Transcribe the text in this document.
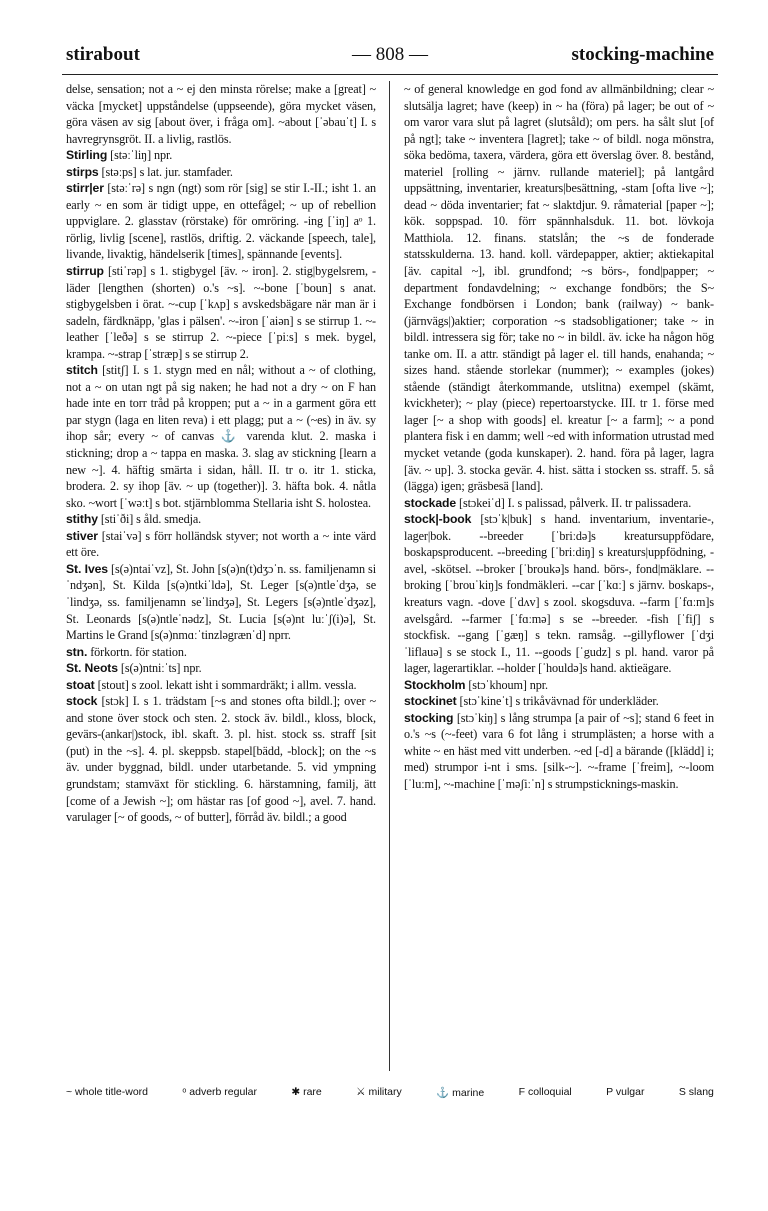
stirabout	— 808 —	stocking-machine

delse, sensation; not a ~ ej den minsta rörelse; make a [great] ~ väcka [mycket] uppståndelse (uppseende), göra mycket väsen, göra väsen av sig [about över, i fråga om]. ~about [ˈəbauˈt] I. s havregrynsgröt. II. a livlig, rastlös.

Stirling [stəːˈliŋ] npr.

stirps [stəːps] s lat. jur. stamfader.

stirr|er [stəːˈrə] s ngn (ngt) som rör [sig] se stir I.-II.; isht 1. an early ~ en som är tidigt uppe, en ottefågel; ~ up of rebellion uppviglare. 2. glasstav (rörstake) för omröring. -ing [ˈiŋ] aᵒ 1. rörlig, livlig [scene], rastlös, driftig. 2. väckande [speech, tale], livande, livaktig, händelserik [times], spännande [events].

stirrup [stiˈrəp] s 1. stigbygel [äv. ~ iron]. 2. stig|bygelsrem, -läder [lengthen (shorten) o.'s ~s]. ~-bone [ˈboun] s anat. stigbygelsben i örat. ~-cup [ˈkʌp] s avskedsbägare när man är i sadeln, färdknäpp, 'glas i pälsen'. ~-iron [ˈaiən] s se stirrup 1. ~-leather [ˈleðə] s se stirrup 2. ~-piece [ˈpiːs] s mek. bygel, krampa. ~-strap [ˈstræp] s se stirrup 2.

stitch [stitʃ] I. s 1. stygn med en nål; without a ~ of clothing, not a ~ on utan ngt på sig naken; he had not a dry ~ on F han hade inte en torr tråd på kroppen; put a ~ in a garment göra ett par stygn (laga en liten reva) i ett plagg; put a ~ (~es) in äv. sy ihop sår; every ~ of canvas ⚓ varenda klut. 2. maska i stickning; drop a ~ tappa en maska. 3. slag av stickning [learn a new ~]. 4. häftig smärta i sidan, håll. II. tr o. itr 1. sticka, brodera. 2. sy ihop [äv. ~ up (together)]. 3. häfta bok. 4. nåtla sko. ~wort [ˈwəːt] s bot. stjärnblomma Stellaria isht S. holostea.

stithy [stiˈði] s åld. smedja.

stiver [staiˈvə] s förr holländsk styver; not worth a ~ inte värd ett öre.

St. Ives [s(ə)ntaiˈvz], St. John [s(ə)n(t)dʒɔˈn. ss. familjenamn siˈndʒən], St. Kilda [s(ə)ntkiˈldə], St. Leger [s(ə)ntleˈdʒə, seˈlindʒə, ss. familjenamn seˈlindʒə], St. Legers [s(ə)ntleˈdʒəz], St. Leonards [s(ə)ntleˈnədz], St. Lucia [s(ə)nt luːˈʃ(i)ə], St. Martins le Grand [s(ə)nmɑːˈtinzləgrænˈd] nprr.

stn. förkortn. för station.

St. Neots [s(ə)ntniːˈts] npr.

stoat [stout] s zool. lekatt isht i sommardräkt; i allm. vessla.

stock [stɔk] I. s 1. trädstam [~s and stones ofta bildl.]; over ~ and stone över stock och sten. 2. stock äv. bildl., kloss, block, gevärs-(ankar|)stock, ibl. skaft. 3. pl. hist. stock ss. straff [sit (put) in the ~s]. 4. pl. skeppsb. stapel[bädd, -block]; on the ~s äv. under byggnad, bildl. under utarbetande. 5. vid ympning grundstam; stamväxt för stickling. 6. härstamning, familj, ätt [come of a Jewish ~]; om hästar ras [of good ~], avel. 7. hand. varulager [~ of goods, ~ of butter], förråd äv. bildl.; a good

~ of general knowledge en god fond av allmänbildning; clear ~ slutsälja lagret; have (keep) in ~ ha (föra) på lager; be out of ~ om varor vara slut på lagret (slutsåld); om pers. ha sålt slut [of på ngt]; take ~ inventera [lagret]; take ~ of bildl. noga mönstra, söka bedöma, taxera, värdera, göra ett överslag över. 8. bestånd, materiel [rolling ~ järnv. rullande materiel]; på lantgård uppsättning, inventarier, kreaturs|besättning, -stam [ofta live ~]; dead ~ döda inventarier; fat ~ slaktdjur. 9. råmaterial [paper ~]; kök. soppspad. 10. förr spännhalsduk. 11. bot. lövkoja Matthiola. 12. finans. statslån; the ~s de fonderade statsskulderna. 13. hand. koll. värdepapper, aktier; aktiekapital [äv. capital ~], ibl. grundfond; ~s börs-, fond|papper; ~ department fondavdelning; ~ exchange fondbörs; the S~ Exchange fondbörsen i London; bank (railway) ~ bank- (järnvägs|)aktier; corporation ~s stadsobligationer; take ~ in bildl. intressera sig för; take no ~ in bildl. äv. icke ha någon hög tanke om. II. a attr. ständigt på lager el. till hands, enahanda; ~ sizes hand. stående storlekar (nummer); ~ examples (jokes) stående (ständigt återkommande, utslitna) exempel (skämt, kvickheter); ~ play (piece) repertoarstycke. III. tr 1. förse med lager [~ a shop with goods] el. kreatur [~ a farm]; ~ a pond plantera fisk i en damm; well ~ed with information utrustad med mycket vetande (goda kunskaper). 2. hand. föra på lager, lagra [äv. ~ up]. 3. stocka gevär. 4. hist. sätta i stocken ss. straff. 5. så (lägga) igen; gräsbesä [land].

stockade [stɔkeiˈd] I. s palissad, pålverk. II. tr palissadera.

stock|-book [stɔˈk|buk] s hand. inventarium, inventarie-, lager|bok. --breeder [ˈbriːdə]s kreatursuppfödare, boskapsproducent. --breeding [ˈbriːdiŋ] s kreaturs|uppfödning, -avel, -skötsel. --broker [ˈbroukə]s hand. börs-, fond|mäklare. --broking [ˈbrouˈkiŋ]s fondmäkleri. --car [ˈkɑː] s järnv. boskaps-, kreaturs vagn. -dove [ˈdʌv] s zool. skogsduva. --farm [ˈfɑːm]s avelsgård. --farmer [ˈfɑːmə] s se --breeder. -fish [ˈfiʃ] s stockfisk. --gang [ˈgæŋ] s tekn. ramsåg. --gillyflower [ˈdʒiˈliflauə] s se stock I., 11. --goods [ˈgudz] s pl. hand. varor på lager, lagerartiklar. --holder [ˈhouldə]s hand. aktieägare.

Stockholm [stɔˈkhoum] npr.

stockinet [stɔˈkineˈt] s trikåvävnad för underkläder.

stocking [stɔˈkiŋ] s lång strumpa [a pair of ~s]; stand 6 feet in o.'s ~s (~-feet) vara 6 fot lång i strumplästen; a horse with a white ~ en häst med vitt underben. ~ed [-d] a bärande ([klädd] i; med) strumpor i-nt i sms. [silk-~]. ~-frame [ˈfreim], ~-loom [ˈluːm], ~-machine [ˈməʃiːˈn] s strumpsticknings-maskin.

~ whole title-word	ᵒ adverb regular	✱ rare	⚔ military	⚓ marine	F colloquial	P vulgar	S slang
